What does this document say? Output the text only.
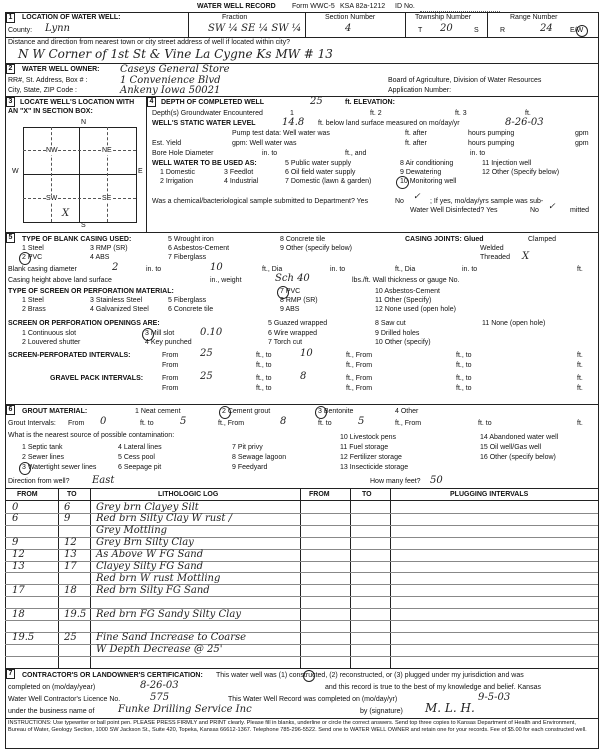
WATER WELL RECORD Form WWC-5 KSA 82a-1212 ID No.
1	LOCATION OF WATER WELL:
County: Lynn
Fraction
SW ¼ SE ¼ SW ¼
Section Number
4
Township Number
T 20	S
Range Number
R	24 E/W
Distance and direction from nearest town or city street address of well if located within city?
N W Corner of 1st St & Vine La Cygne Ks MW # 13
2	WATER WELL OWNER: Caseys General Store
RR#, St. Address, Box # :	1 Convenience Blvd
City, State, ZIP Code :	Ankeny Iowa 50021
Board of Agriculture, Division of Water Resources
Application Number:
3	LOCATE WELL'S LOCATION WITH
AN "X" IN SECTION BOX:
N
S
W	E
NW	NE
SW	SE
X
4	DEPTH OF COMPLETED WELL	25	ft. ELEVATION:
Depth(s) Groundwater Encountered	1	ft. 2	ft. 3	ft.
WELL'S STATIC WATER LEVEL	14.8 ft. below land surface measured on mo/day/yr	8-26-03
Pump test data: Well water was	ft. after	hours pumping	gpm
Est. Yield	gpm: Well water was	ft. after	hours pumping	gpm
Bore Hole Diameter	in. to	ft., and	in. to
WELL WATER TO BE USED AS:
1 Domestic
2 Irrigation
3 Feedlot
4 Industrial
5 Public water supply
6 Oil field water supply
7 Domestic (lawn & garden)
8 Air conditioning
9 Dewatering
10 Monitoring well
11 Injection well
12 Other (Specify below)
Was a chemical/bacteriological sample submitted to Department? Yes	No ✓ ; If yes, mo/day/yrs sample was sub-
mitted
Water Well Disinfected? Yes	No ✓
5	TYPE OF BLANK CASING USED:
1 Steel
2 PVC
3 RMP (SR)
4 ABS
5 Wrought iron
6 Asbestos-Cement
7 Fiberglass
8 Concrete tile
9 Other (specify below)
CASING JOINTS: Glued	Clamped
Welded
Threaded X
Blank casing diameter	2	in. to	10	ft., Dia	in. to	ft., Dia	in. to	ft.
Casing height above land surface	in., weight	Sch 40	lbs./ft. Wall thickness or gauge No.
TYPE OF SCREEN OR PERFORATION MATERIAL:
1 Steel
2 Brass
3 Stainless Steel
4 Galvanized Steel
5 Fiberglass
6 Concrete tile
7 PVC
8 RMP (SR)
9 ABS
10 Asbestos-Cement
11 Other (Specify)
12 None used (open hole)
SCREEN OR PERFORATION OPENINGS ARE:
1 Continuous slot
2 Louvered shutter
3 Mill slot	0.10
4 Key punched
5 Guazed wrapped
6 Wire wrapped
7 Torch cut
8 Saw cut
9 Drilled holes
10 Other (specify)
11 None (open hole)
SCREEN-PERFORATED INTERVALS:	From 25	ft., to	10	ft., From	ft., to	ft.
From	ft., to	ft., From	ft., to	ft.
GRAVEL PACK INTERVALS:	From 25	ft., to	8	ft., From	ft., to	ft.
From	ft., to	ft., From	ft., to	ft.
6	GROUT MATERIAL:	1 Neat cement	2 Cement grout	3 Bentonite	4 Other
Grout Intervals: From 0	ft. to	5	ft., From	8	ft. to	5	ft., From	ft. to	ft.
What is the nearest source of possible contamination:
1 Septic tank
2 Sewer lines
3 Watertight sewer lines
4 Lateral lines
5 Cess pool
6 Seepage pit
7 Pit privy
8 Sewage lagoon
9 Feedyard
10 Livestock pens
11 Fuel storage
12 Fertilizer storage
13 Insecticide storage
14 Abandoned water well
15 Oil well/Gas well
16 Other (specify below)
Direction from well? East	How many feet? 50
FROM	TO	LITHOLOGIC LOG	FROM	TO	PLUGGING INTERVALS
0	6	Grey brn Clayey Silt
6	9	Red brn Silty Clay W rust /
Grey Mottling
9	12 Grey Brn Silty Clay
12	13 As Above W FG Sand
13	17 Clayey Silty FG Sand
Red brn W rust Mottling
17	18 Red brn Silty FG Sand
18	19.5 Red brn FG Sandy Silty Clay
19.5	25 Fine Sand Increase to Coarse
W Depth Decrease @ 25'
7	CONTRACTOR'S OR LANDOWNER'S CERTIFICATION: This water well was (1) constructed, (2) reconstructed, or (3) plugged under my jurisdiction and was
completed on (mo/day/year)	8-26-03	and this record is true to the best of my knowledge and belief. Kansas
Water Well Contractor's Licence No.	575	This Water Well Record was completed on (mo/day/yr)	9-5-03
under the business name of Funke Drilling Service Inc	by (signature) M. L. H.
INSTRUCTIONS: Use typewriter or ball point pen. PLEASE PRESS FIRMLY and PRINT clearly. Please fill in blanks, underline or circle the correct answers. Send top three copies to Kansas Department of Health and Environment, Bureau of Water, Geology Section, 1000 SW Jackson St., Suite 420, Topeka, Kansas 66612-1367. Telephone 785-296-5522. Send one to WATER WELL OWNER and retain one for your records. Fee of $5.00 for each constructed well.
